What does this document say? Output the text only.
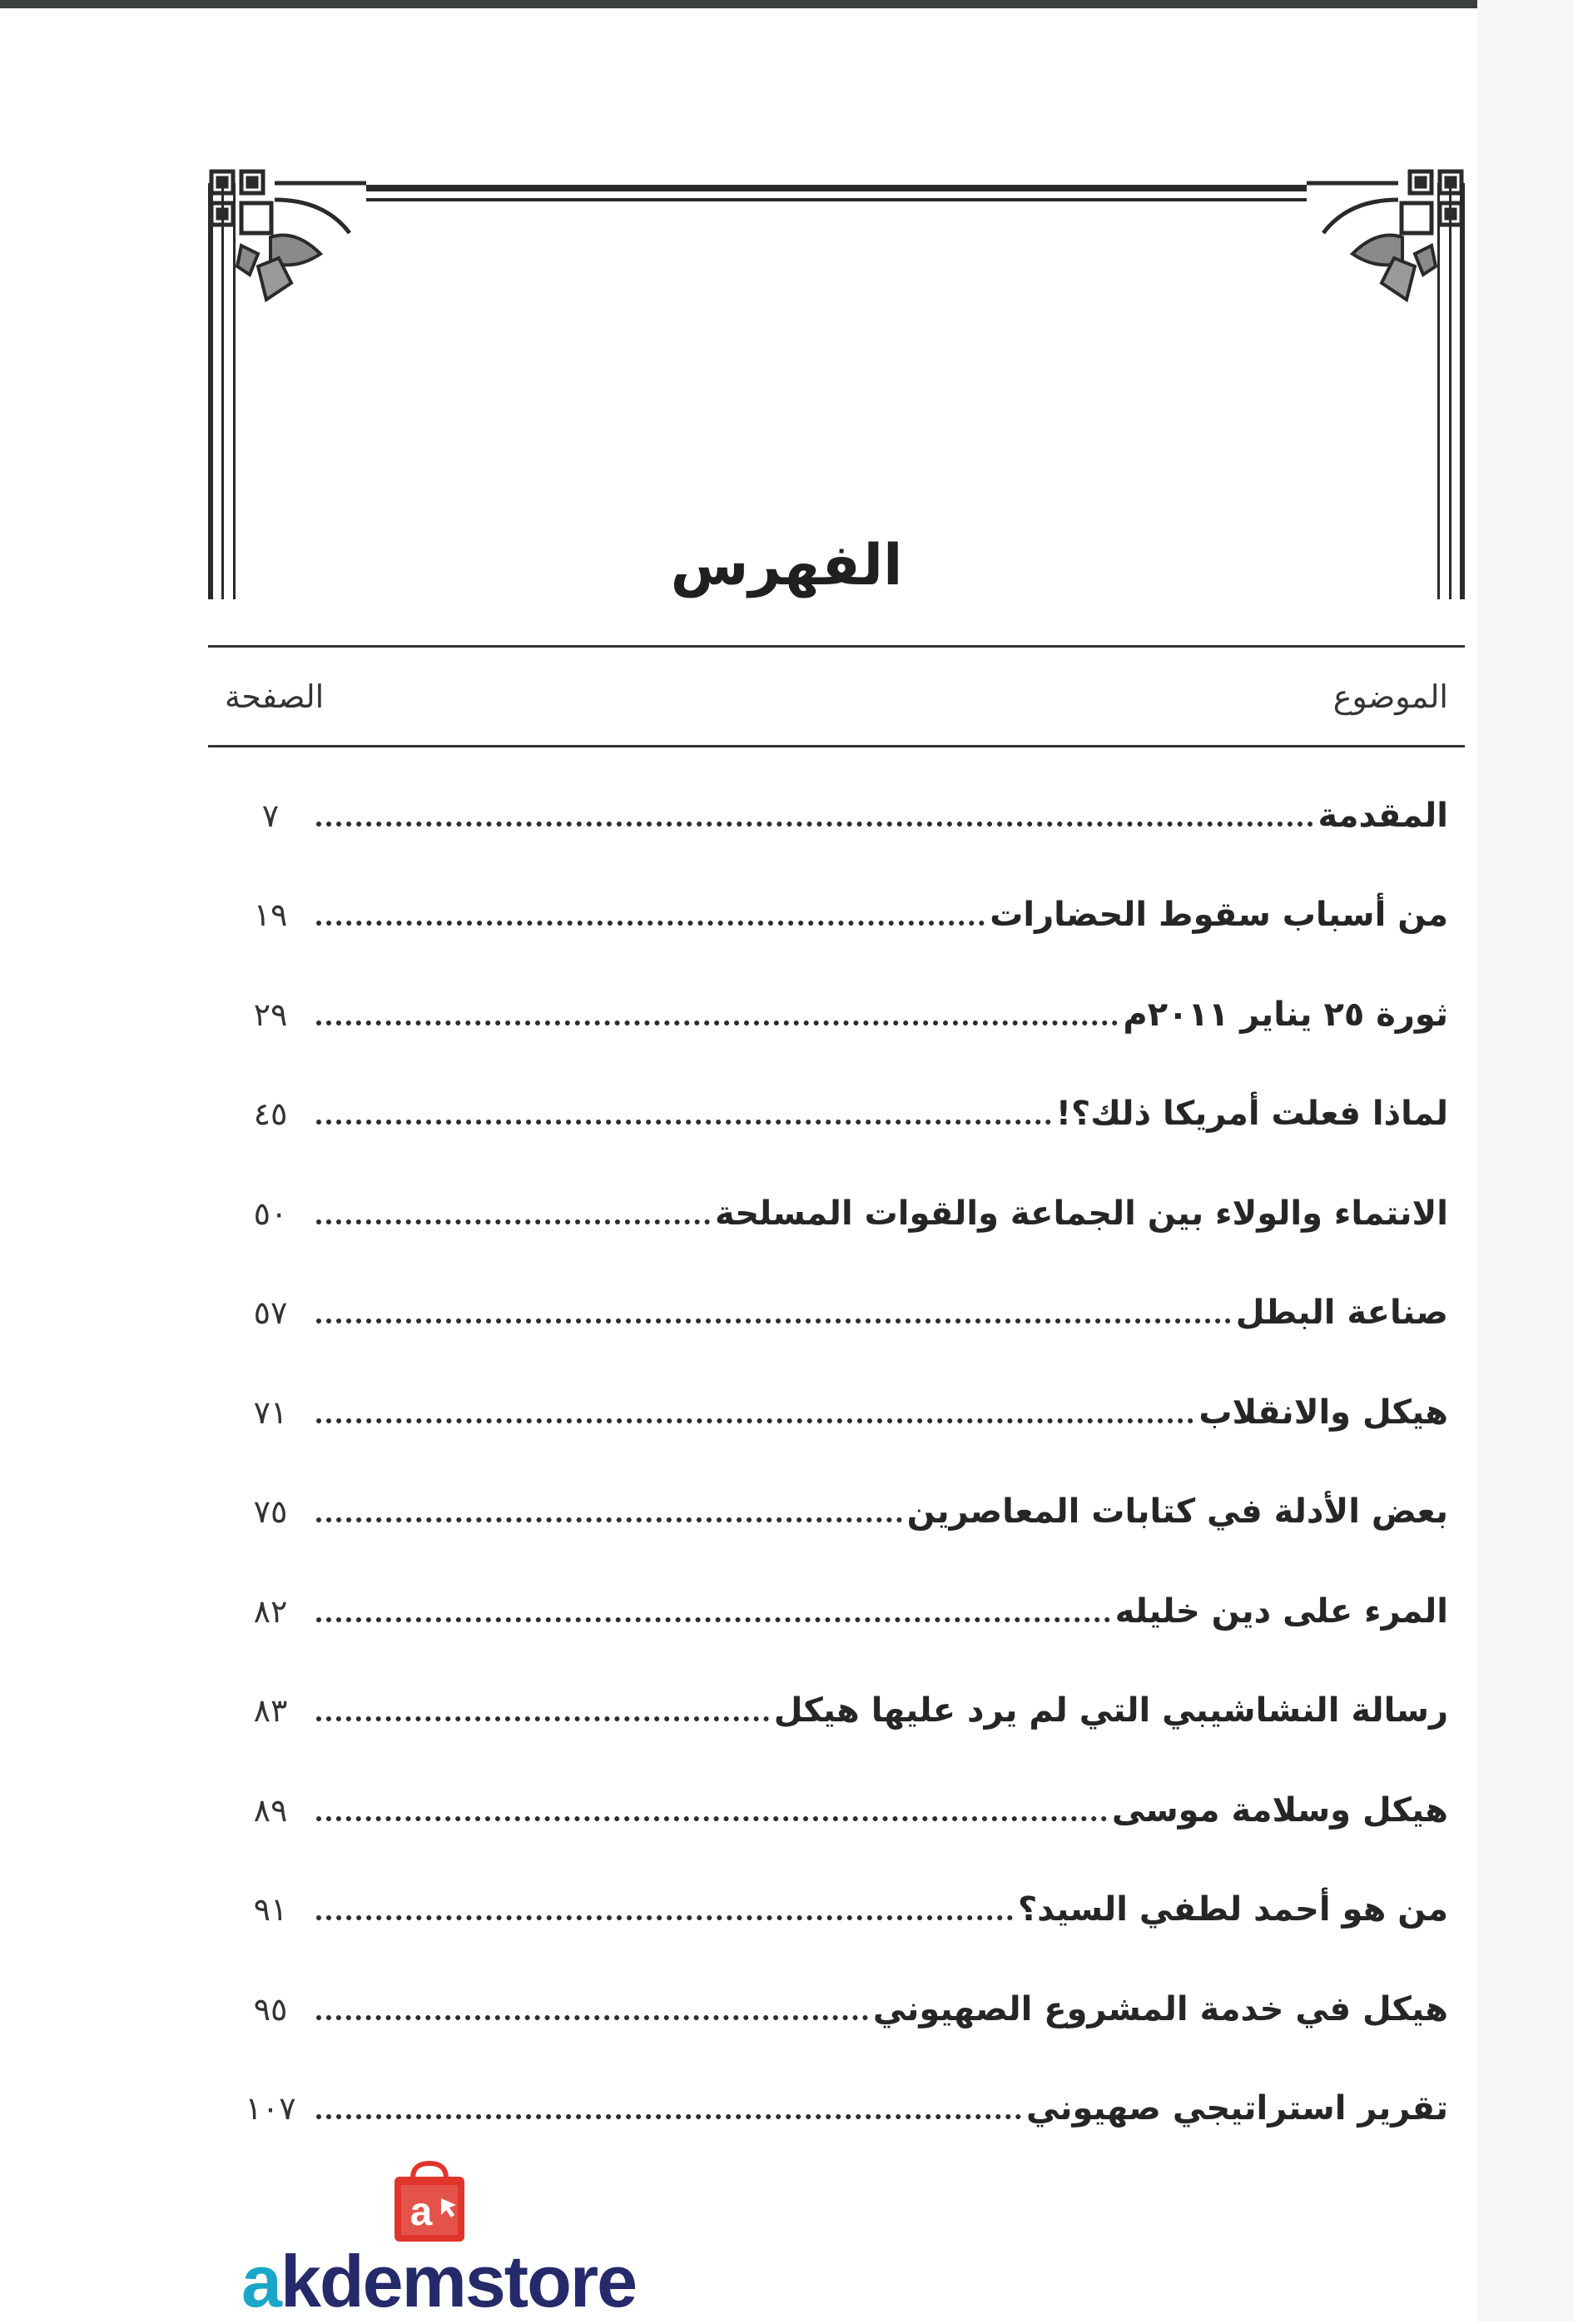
الفهرس
الموضوع
الصفحة
المقدمة
٧
من أسباب سقوط الحضارات
١٩
ثورة ٢٥ يناير ٢٠١١م
٢٩
لماذا فعلت أمريكا ذلك؟!
٤٥
الانتماء والولاء بين الجماعة والقوات المسلحة
٥٠
صناعة البطل
٥٧
هيكل والانقلاب
٧١
بعض الأدلة في كتابات المعاصرين
٧٥
المرء على دين خليله
٨٢
رسالة النشاشيبي التي لم يرد عليها هيكل
٨٣
هيكل وسلامة موسى
٨٩
من هو أحمد لطفي السيد؟
٩١
هيكل في خدمة المشروع الصهيوني
٩٥
تقرير استراتيجي صهيوني
١٠٧
a
akdemstore
